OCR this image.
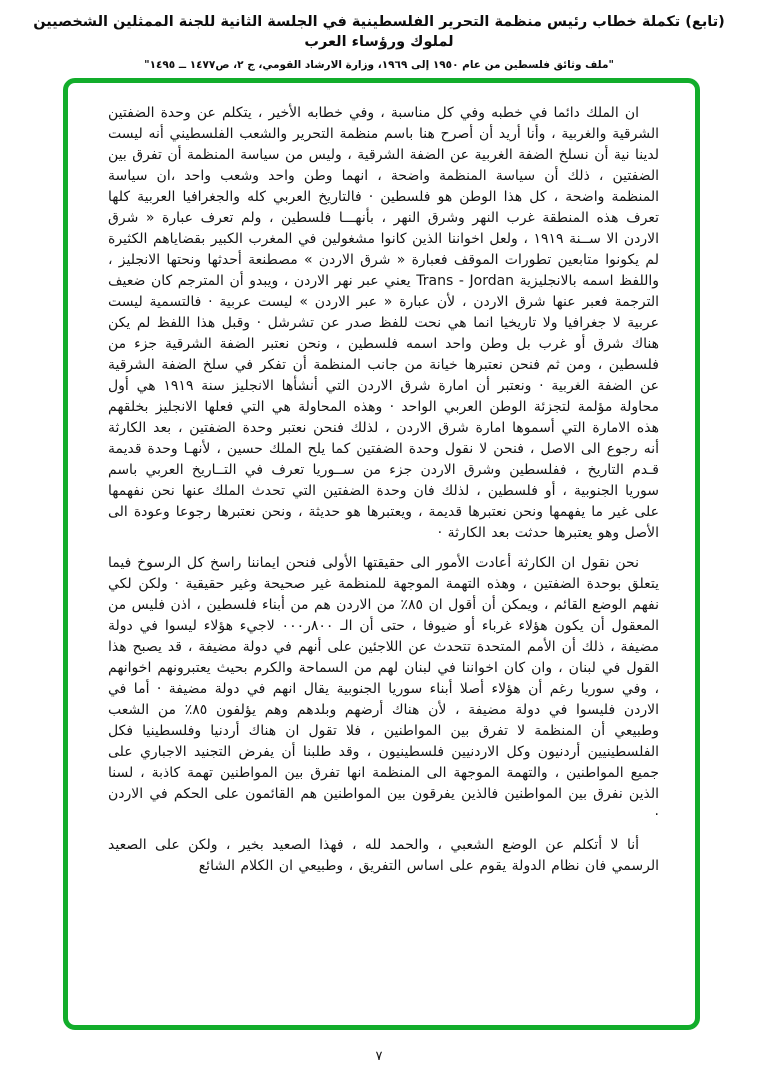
(تابع) تكملة خطاب رئيس منظمة التحرير الفلسطينية في الجلسة الثانية للجنة الممثلين الشخصيين لملوك ورؤساء العرب
"ملف وثائق فلسطين من عام ١٩٥٠ إلى ١٩٦٩، وزارة الارشاد القومي، ج ٢، ص١٤٧٧ ــ ١٤٩٥"

ان الملك دائما في خطبه وفي كل مناسبة ، وفي خطابه الأخير ، يتكلم عن وحدة الضفتين الشرقية والغربية ، وأنا أريد أن أصرح هنا باسم منظمة التحرير والشعب الفلسطيني أنه ليست لدينا نية أن نسلخ الضفة الغربية عن الضفة الشرقية ، وليس من سياسة المنظمة أن تفرق بين الضفتين ، ذلك أن سياسة المنظمة واضحة ، انهما وطن واحد وشعب واحد ،ان سياسة المنظمة واضحة ، كل هذا الوطن هو فلسطين · فالتاريخ العربي كله والجغرافيا العربية كلها تعرف هذه المنطقة غرب النهر وشرق النهر ، بأنهـــا فلسطين ، ولم تعرف عبارة « شرق الاردن الا ســنة ١٩١٩ ، ولعل اخواننا الذين كانوا مشغولين في المغرب الكبير بقضاياهم الكثيرة لم يكونوا متابعين تطورات الموقف فعبارة « شرق الاردن » مصطنعة أحدثها ونحتها الانجليز ، واللفظ اسمه بالانجليزية Trans - Jordan يعني عبر نهر الاردن ، ويبدو أن المترجم كان ضعيف الترجمة فعبر عنها شرق الاردن ، لأن عبارة « عبر الاردن » ليست عربية · فالتسمية ليست عربية لا جغرافيا ولا تاريخيا انما هي نحت للفظ صدر عن تشرشل · وقبل هذا اللفظ لم يكن هناك شرق أو غرب بل وطن واحد اسمه فلسطين ، ونحن نعتبر الضفة الشرقية جزء من فلسطين ، ومن ثم فنحن نعتبرها خيانة من جانب المنظمة أن تفكر في سلخ الضفة الشرقية عن الضفة الغربية · ونعتبر أن امارة شرق الاردن التي أنشأها الانجليز سنة ١٩١٩ هي أول محاولة مؤلمة لتجزئة الوطن العربي الواحد · وهذه المحاولة هي التي فعلها الانجليز بخلقهم هذه الامارة التي أسموها امارة شرق الاردن ، لذلك فنحن نعتبر وحدة الضفتين ، بعد الكارثة أنه رجوع الى الاصل ، فنحن لا نقول وحدة الضفتين كما يلح الملك حسين ، لأنهـا وحدة قديمة قـدم التاريخ ، ففلسطين وشرق الاردن جزء من ســوريا تعرف في التــاريخ العربي باسم سوريا الجنوبية ، أو فلسطين ، لذلك فان وحدة الضفتين التي تحدث الملك عنها نحن نفهمها على غير ما يفهمها ونحن نعتبرها قديمة ، ويعتبرها هو حديثة ، ونحن نعتبرها رجوعا وعودة الى الأصل وهو يعتبرها حدثت بعد الكارثة ·

نحن نقول ان الكارثة أعادت الأمور الى حقيقتها الأولى فنحن ايماننا راسخ كل الرسوخ فيما يتعلق بوحدة الضفتين ، وهذه التهمة الموجهة للمنظمة غير صحيحة وغير حقيقية · ولكن لكي نفهم الوضع القائم ، ويمكن أن أقول ان ٨٥٪ من الاردن هم من أبناء فلسطين ، اذن فليس من المعقول أن يكون هؤلاء غرباء أو ضيوفا ، حتى أن الـ ٨٠٠ر٠٠٠ لاجيء هؤلاء ليسوا في دولة مضيفة ، ذلك أن الأمم المتحدة تتحدث عن اللاجئين على أنهم في دولة مضيفة ، قد يصبح هذا القول في لبنان ، وان كان اخواننا في لبنان لهم من السماحة والكرم بحيث يعتبرونهم اخوانهم ، وفي سوريا رغم أن هؤلاء أصلا أبناء سوريا الجنوبية يقال انهم في دولة مضيفة · أما في الاردن فليسوا في دولة مضيفة ، لأن هناك أرضهم وبلدهم وهم يؤلفون ٨٥٪ من الشعب وطبيعي أن المنظمة لا تفرق بين المواطنين ، فلا تقول ان هناك أردنيا وفلسطينيا فكل الفلسطينيين أردنيون وكل الاردنيين فلسطينيون ، وقد طلبنا أن يفرض التجنيد الاجباري على جميع المواطنين ، والتهمة الموجهة الى المنظمة انها تفرق بين المواطنين تهمة كاذبة ، لسنا الذين نفرق بين المواطنين فالذين يفرقون بين المواطنين هم القائمون على الحكم في الاردن ·

أنا لا أتكلم عن الوضع الشعبي ، والحمد لله ، فهذا الصعيد بخير ، ولكن على الصعيد الرسمي فان نظام الدولة يقوم على اساس التفريق ، وطبيعي ان الكلام الشائع

٧
